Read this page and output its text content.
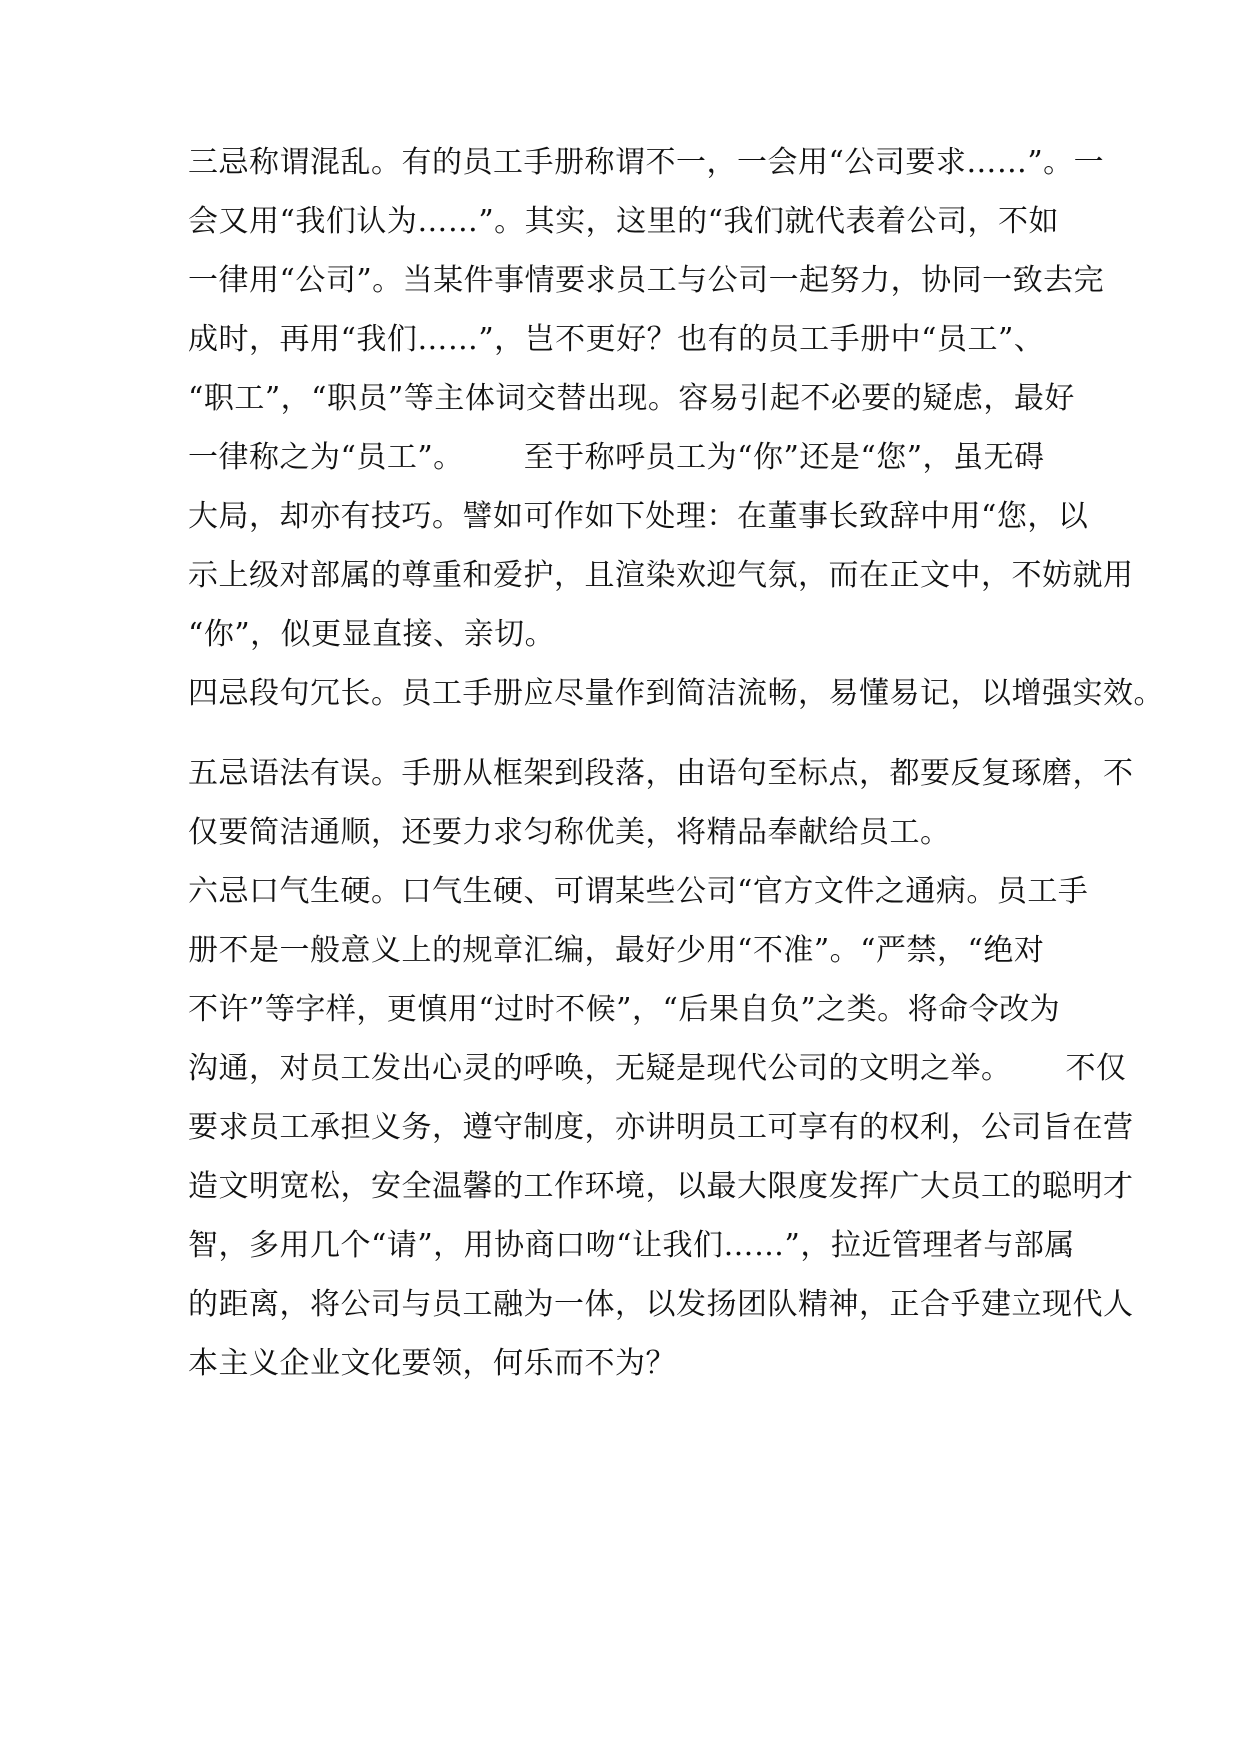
三忌称谓混乱。有的员工手册称谓不一，一会用“公司要求……”。一
会又用“我们认为……”。其实，这里的“我们就代表着公司，不如
一律用“公司”。当某件事情要求员工与公司一起努力，协同一致去完
成时，再用“我们……”，岂不更好？也有的员工手册中“员工”、
“职工”，“职员”等主体词交替出现。容易引起不必要的疑虑，最好
一律称之为“员工”。 至于称呼员工为“你”还是“您”，虽无碍
大局，却亦有技巧。譬如可作如下处理：在董事长致辞中用“您，以
示上级对部属的尊重和爱护，且渲染欢迎气氛，而在正文中，不妨就用
“你”，似更显直接、亲切。
四忌段句冗长。员工手册应尽量作到简洁流畅，易懂易记，以增强实效。
五忌语法有误。手册从框架到段落，由语句至标点，都要反复琢磨，不
仅要简洁通顺，还要力求匀称优美，将精品奉献给员工。
六忌口气生硬。口气生硬、可谓某些公司“官方文件之通病。员工手
册不是一般意义上的规章汇编，最好少用“不准”。“严禁，“绝对
不许”等字样，更慎用“过时不候”，“后果自负”之类。将命令改为
沟通，对员工发出心灵的呼唤，无疑是现代公司的文明之举。 不仅
要求员工承担义务，遵守制度，亦讲明员工可享有的权利，公司旨在营
造文明宽松，安全温馨的工作环境，以最大限度发挥广大员工的聪明才
智，多用几个“请”，用协商口吻“让我们……”，拉近管理者与部属
的距离，将公司与员工融为一体，以发扬团队精神，正合乎建立现代人
本主义企业文化要领，何乐而不为？
